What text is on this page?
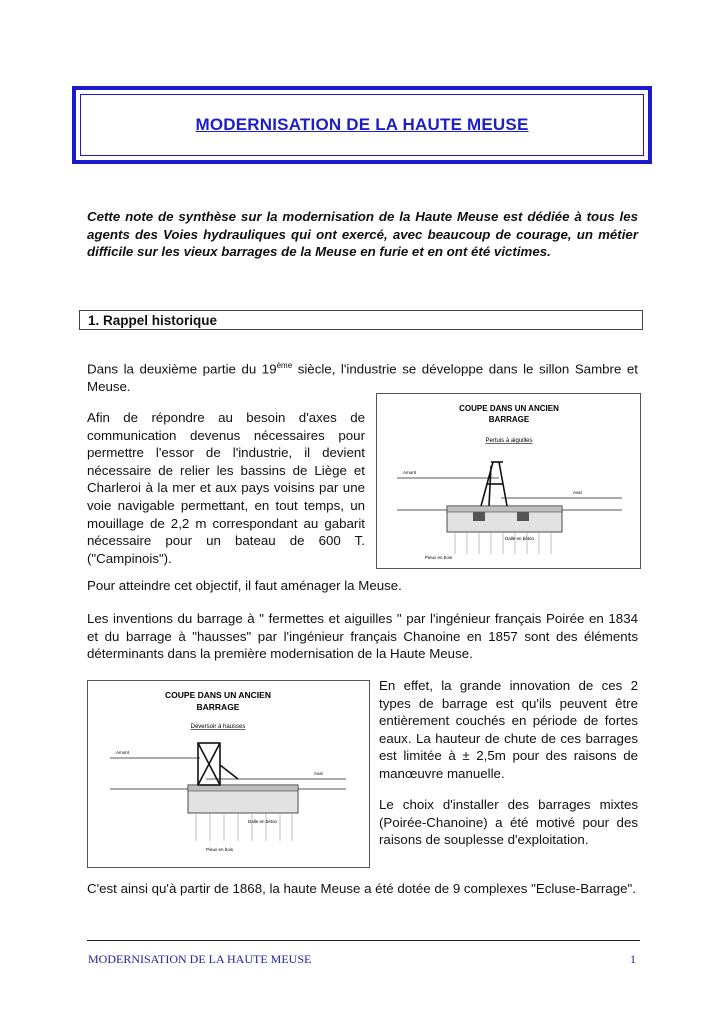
MODERNISATION DE LA HAUTE MEUSE

Cette note de synthèse sur la modernisation de la Haute Meuse est dédiée à tous les agents des Voies hydrauliques qui ont exercé, avec beaucoup de courage, un métier difficile sur les vieux barrages de la Meuse en furie et en ont été victimes.

1. Rappel historique

Dans la deuxième partie du 19ème siècle, l'industrie se développe dans le sillon Sambre et Meuse.

Afin de répondre au besoin d'axes de communication devenus nécessaires pour permettre l'essor de l'industrie, il devient nécessaire de relier les bassins de Liège et Charleroi à la mer et aux pays voisins par une voie navigable permettant, en tout temps, un mouillage de 2,2 m correspondant au gabarit nécessaire pour un bateau de 600 T. ("Campinois").

COUPE DANS UN ANCIEN
BARRAGE
Pertuis à aiguilles
Amont
Aval
Dalle en béton
Pieux en bois

Pour atteindre cet objectif, il faut aménager la Meuse.

Les inventions du barrage à " fermettes et aiguilles " par l'ingénieur français Poirée en 1834 et du barrage à "hausses" par l'ingénieur français Chanoine en 1857 sont des éléments déterminants dans la première modernisation de la Haute Meuse.

COUPE DANS UN ANCIEN
BARRAGE
Déversoir à hausses
Amont
Aval
Dalle en béton
Pieux en bois

En effet, la grande innovation de ces 2 types de barrage est qu'ils peuvent être entièrement couchés en période de fortes eaux. La hauteur de chute de ces barrages est limitée à ± 2,5m pour des raisons de manœuvre manuelle.

Le choix d'installer des barrages mixtes (Poirée-Chanoine) a été motivé pour des raisons de souplesse d'exploitation.

C'est ainsi qu'à partir de 1868, la haute Meuse a été dotée de 9 complexes "Ecluse-Barrage".

MODERNISATION DE LA HAUTE MEUSE	1
